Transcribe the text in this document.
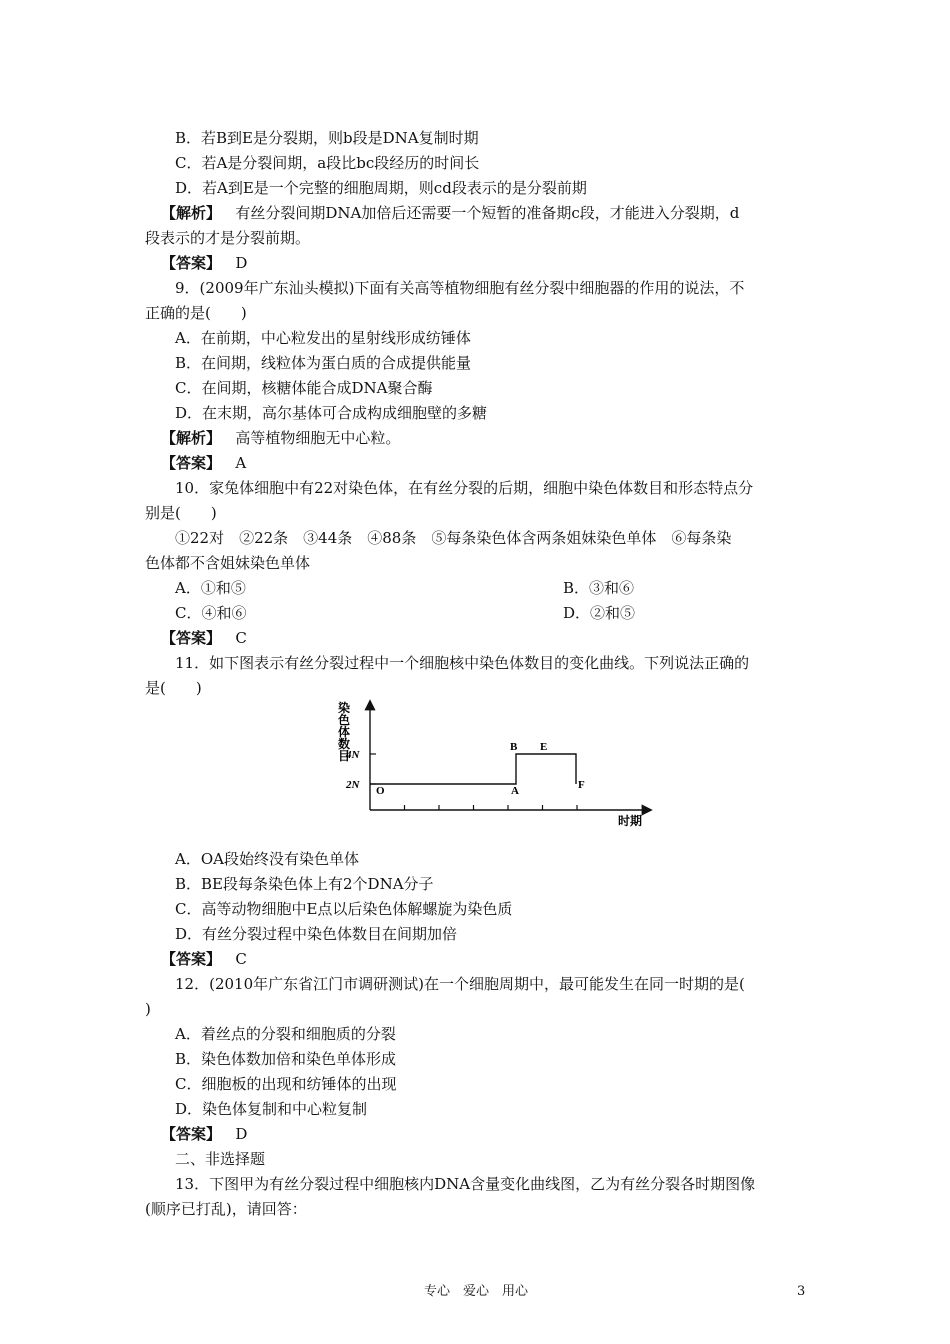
B．若B到E是分裂期，则b段是DNA复制时期
C．若A是分裂间期，a段比bc段经历的时间长
D．若A到E是一个完整的细胞周期，则cd段表示的是分裂前期
【解析】 有丝分裂间期DNA加倍后还需要一个短暂的准备期c段，才能进入分裂期，d
段表示的才是分裂前期。
【答案】 D
9．(2009年广东汕头模拟)下面有关高等植物细胞有丝分裂中细胞器的作用的说法，不
正确的是(　　)
A．在前期，中心粒发出的星射线形成纺锤体
B．在间期，线粒体为蛋白质的合成提供能量
C．在间期，核糖体能合成DNA聚合酶
D．在末期，高尔基体可合成构成细胞壁的多糖
【解析】 高等植物细胞无中心粒。
【答案】 A
10．家兔体细胞中有22对染色体，在有丝分裂的后期，细胞中染色体数目和形态特点分
别是(　　)
①22对　②22条　③44条　④88条　⑤每条染色体含两条姐妹染色单体　⑥每条染
色体都不含姐妹染色单体
A．①和⑤	B．③和⑥
C．④和⑥	D．②和⑤
【答案】 C
11．如下图表示有丝分裂过程中一个细胞核中染色体数目的变化曲线。下列说法正确的
是(　　)
染
色
体
数
目
4N
2N O	A
B E
F
时期
A．OA段始终没有染色单体
B．BE段每条染色体上有2个DNA分子
C．高等动物细胞中E点以后染色体解螺旋为染色质
D．有丝分裂过程中染色体数目在间期加倍
【答案】 C
12．(2010年广东省江门市调研测试)在一个细胞周期中，最可能发生在同一时期的是(
)
A．着丝点的分裂和细胞质的分裂
B．染色体数加倍和染色单体形成
C．细胞板的出现和纺锤体的出现
D．染色体复制和中心粒复制
【答案】 D
二、非选择题
13．下图甲为有丝分裂过程中细胞核内DNA含量变化曲线图，乙为有丝分裂各时期图像
(顺序已打乱)，请回答：
专心　爱心　用心	3
